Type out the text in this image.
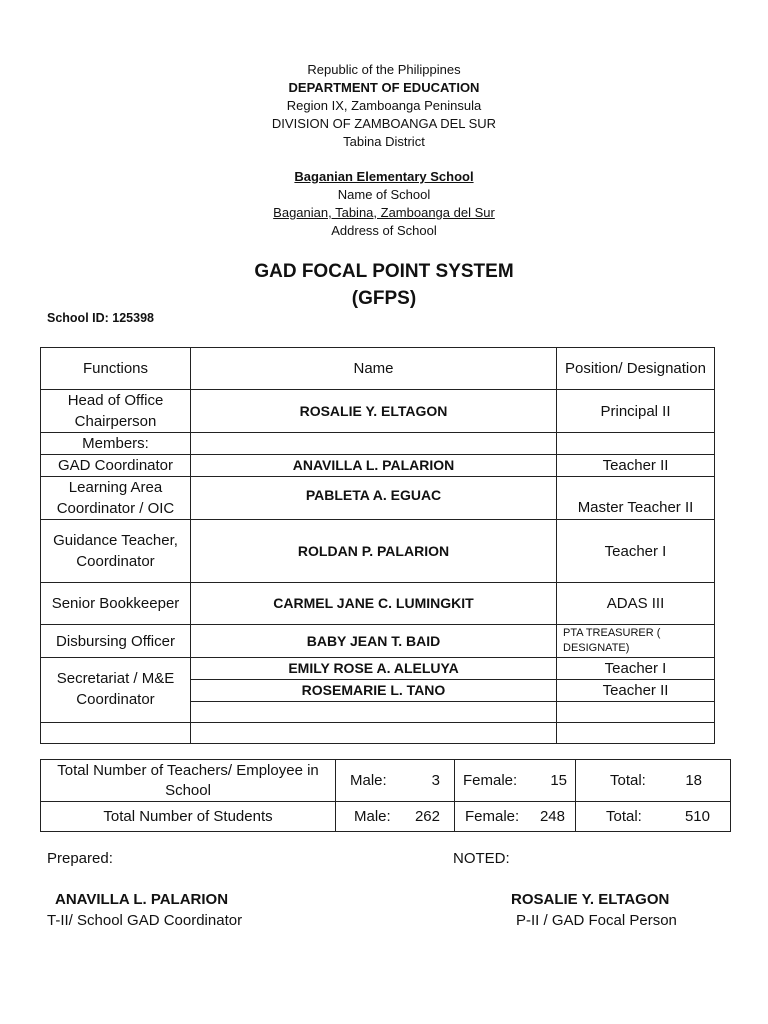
Republic of the Philippines
DEPARTMENT OF EDUCATION
Region IX, Zamboanga Peninsula
DIVISION OF ZAMBOANGA DEL SUR
Tabina District
Baganian Elementary School
Name of School
Baganian, Tabina, Zamboanga del Sur
Address of School
GAD FOCAL POINT SYSTEM
(GFPS)
School ID: 125398
Functions	Name	Position/ Designation
Head of Office Chairperson	ROSALIE Y. ELTAGON	Principal II
Members:		
GAD Coordinator	ANAVILLA L. PALARION	Teacher II
Learning Area Coordinator / OIC	PABLETA A. EGUAC	Master Teacher II
Guidance Teacher, Coordinator	ROLDAN P. PALARION	Teacher I
Senior Bookkeeper	CARMEL JANE C. LUMINGKIT	ADAS III
Disbursing Officer	BABY JEAN T. BAID	PTA TREASURER ( DESIGNATE)
Secretariat / M&E Coordinator	EMILY ROSE A. ALELUYA	Teacher I
	ROSEMARIE L. TANO	Teacher II

Total Number of Teachers/ Employee in School	Male: 3	Female: 15	Total: 18

Total Number of Students	Male: 262	Female: 248	Total: 510
Prepared:	NOTED:
ANAVILLA L. PALARION
T-II/ School GAD Coordinator
ROSALIE Y. ELTAGON
P-II / GAD Focal Person
